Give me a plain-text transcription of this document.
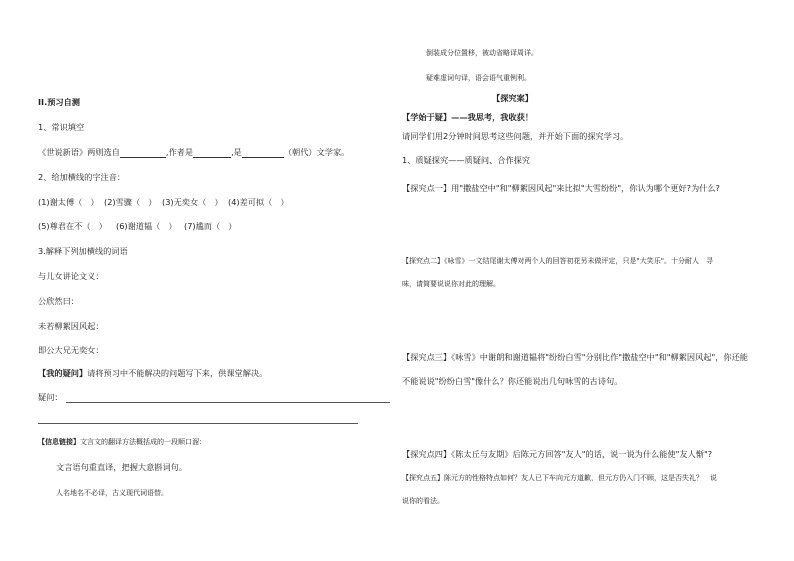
II.预习自测
1、常识填空
《世说新语》两则选自	,作者是	,是	（朝代）文学家。
2、给加横线的字注音：
(1)谢太傅（　） (2)雪骤（　） (3)无奕女（　） (4)差可拟（　）
(5)尊君在不（　） (6)谢道韫（　） (7)尴而（　）
3.解释下列加横线的词语
与儿女讲论文义：
公欣然曰：
未若柳絮因风起：
即公大兄无奕女：
【我的疑问】请将预习中不能解决的问题写下来，供课堂解决。
疑问：
【信息链接】文言文的翻译方法概括成的一段顺口溜：
文言语句重直译，把握大意斟词句。
人名地名不必译，古义现代词语替。
倒装成分位置移，被动省略译周详。
疑难虚词句译，语会语气重例利。
【探究案】
【学始于疑】——我思考，我收获！
请同学们用2分钟时间思考这些问题，并开始下面的探究学习。
1、质疑探究——质疑问、合作探究
【探究点一】用"撒盐空中"和"柳絮因风起"来比拟"大雪纷纷"，你认为哪个更好?为什么?
【探究点二】《咏雪》一文结尾谢太傅对两个人的回答初花另未做评定，只是"大笑乐"。十分耐人　寻
味，请简要说说你对此的理解。
【探究点三】《咏雪》中谢朗和谢道韫将"纷纷白雪"分别比作"撒盐空中"和"柳絮因风起"，你还能
不能说说"纷纷白雪"像什么？你还能说出几句咏雪的古诗句。
【探究点四】《陈太丘与友期》后陈元方回答"友人"的话，说一说为什么能使"友人惭"?
【探究点五】陈元方的性格特点如何？友人已下车向元方道歉，但元方仍入门不顾，这是否失礼？　说
说你的看法。
